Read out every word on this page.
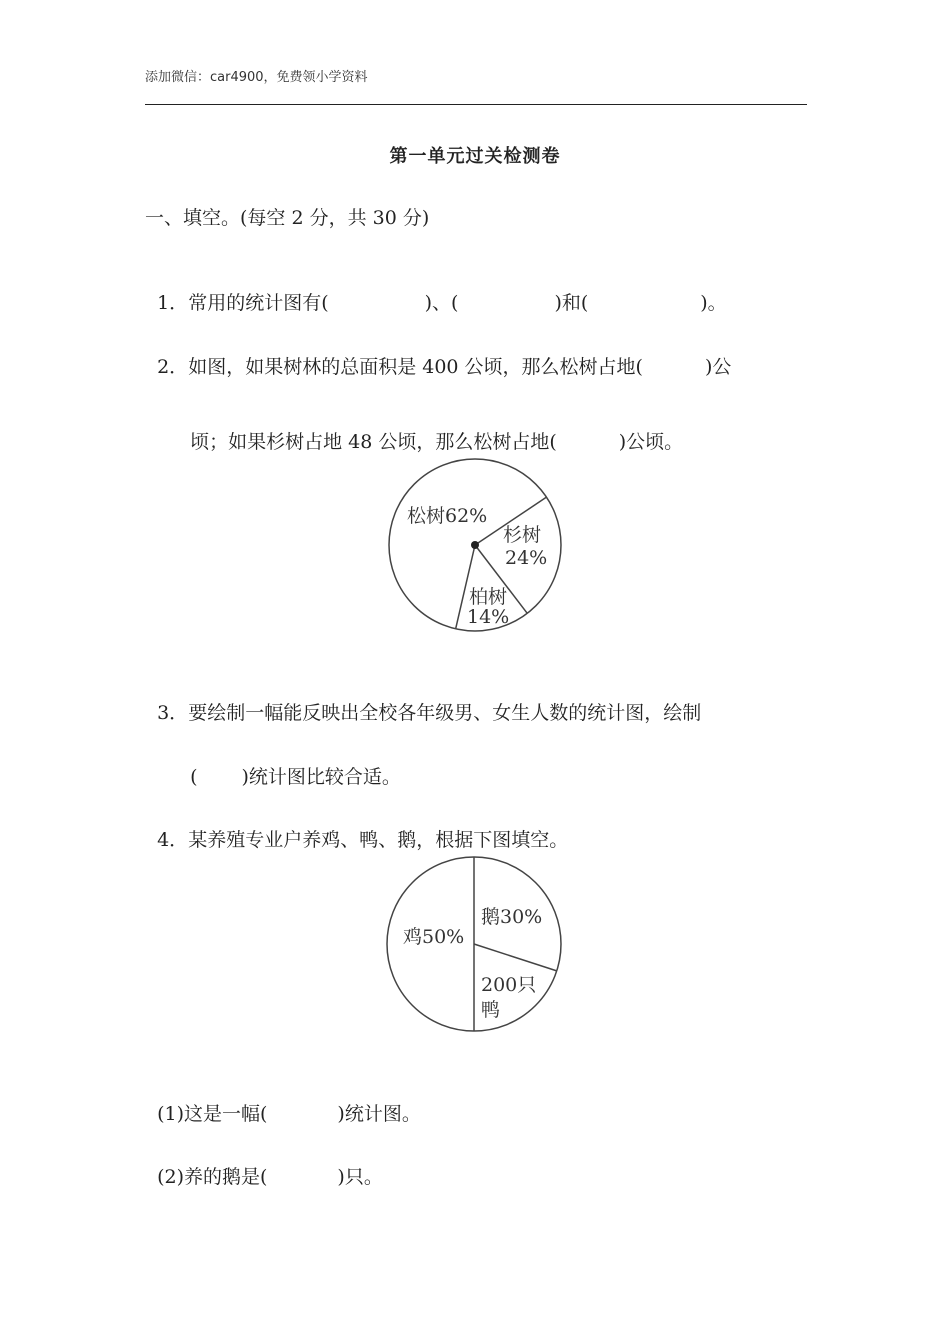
添加微信：car4900，免费领小学资料
第一单元过关检测卷
一、填空。(每空 2 分，共 30 分)

1．常用的统计图有(	)、(	)和(	)。

2．如图，如果树林的总面积是 400 公顷，那么松树占地(	)公

顷；如果杉树占地 48 公顷，那么松树占地(	)公顷。

松树62%
杉树
24%
柏树
14%

3．要绘制一幅能反映出全校各年级男、女生人数的统计图，绘制

( )统计图比较合适。

4．某养殖专业户养鸡、鸭、鹅，根据下图填空。

鸡50%
鹅30%
200只
鸭

(1)这是一幅(	)统计图。

(2)养的鹅是(	)只。
